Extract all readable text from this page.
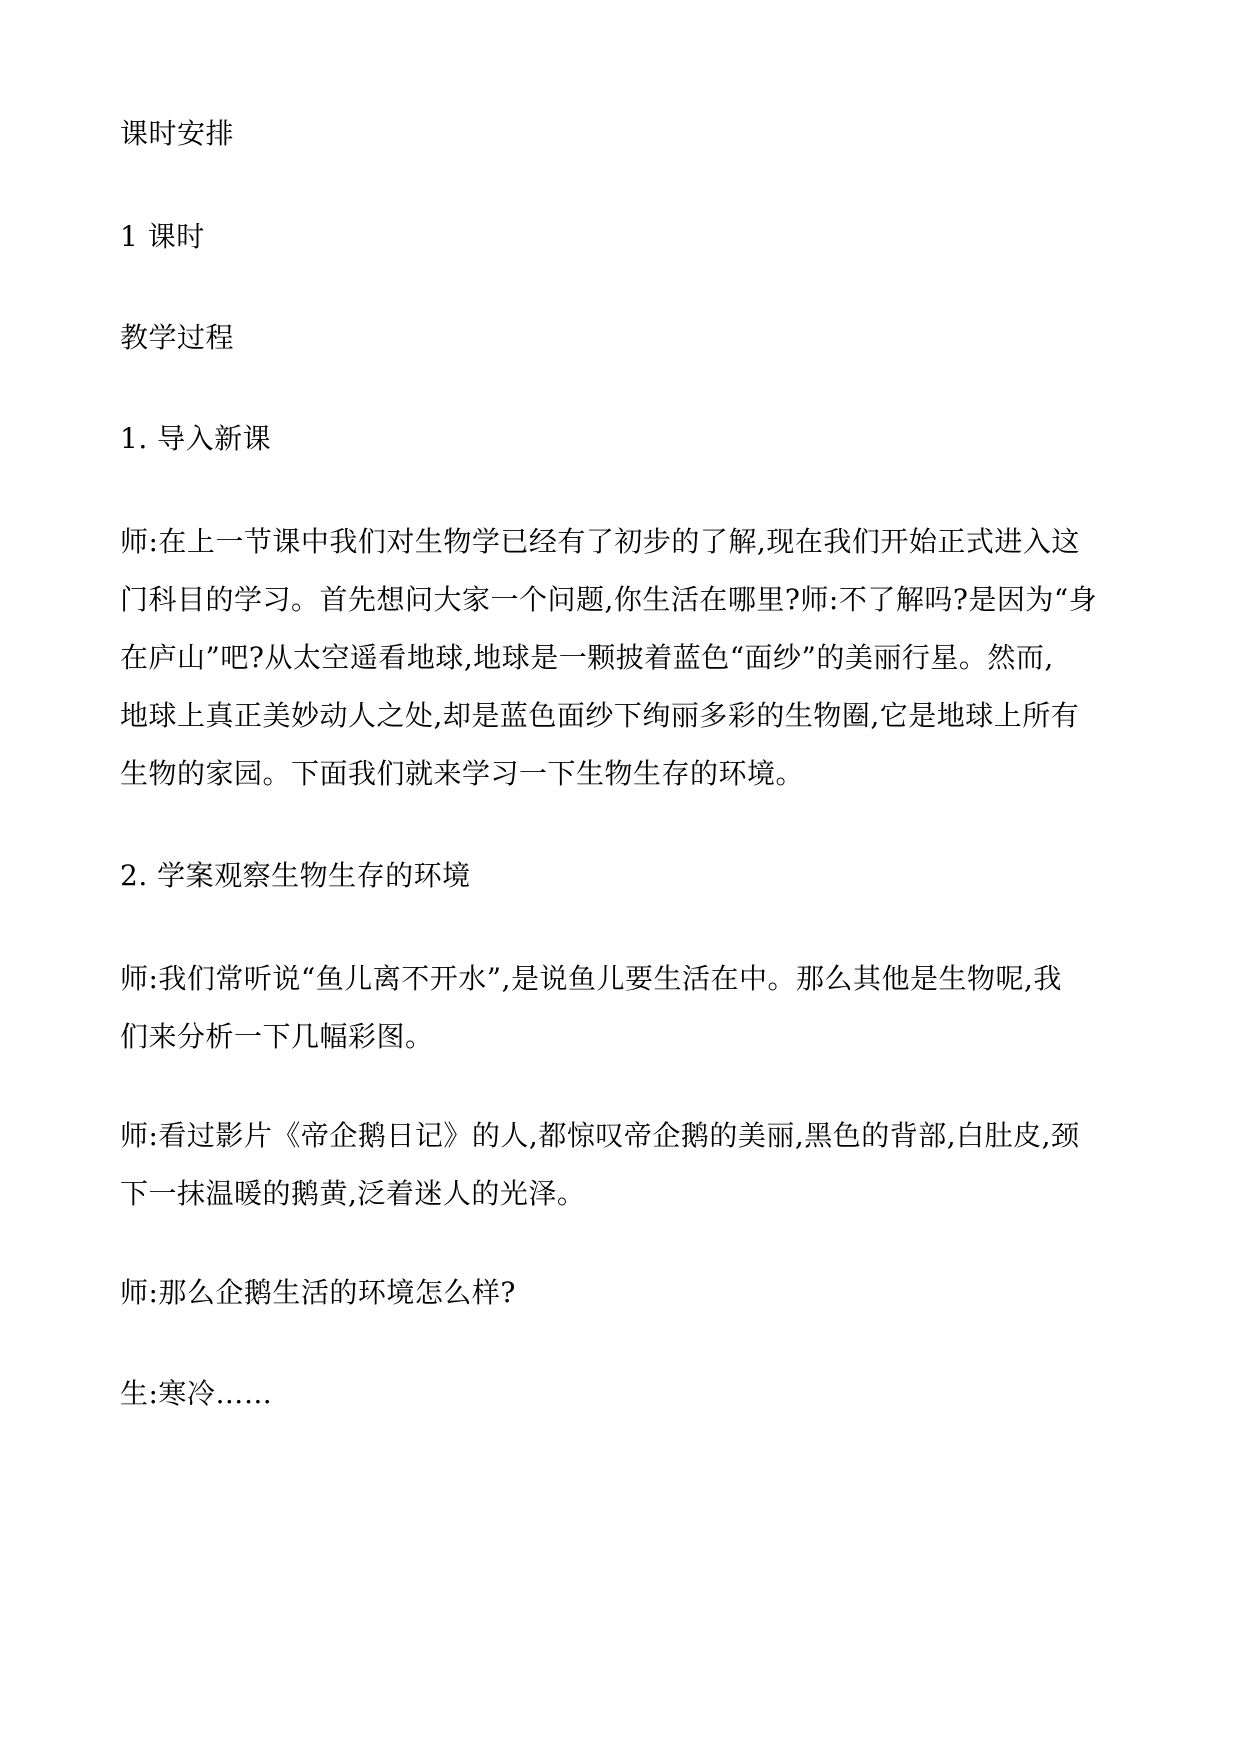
课时安排

1 课时

教学过程

1. 导入新课

师:在上一节课中我们对生物学已经有了初步的了解,现在我们开始正式进入这
门科目的学习。首先想问大家一个问题,你生活在哪里?师:不了解吗?是因为“身
在庐山”吧?从太空遥看地球,地球是一颗披着蓝色“面纱”的美丽行星。然而,
地球上真正美妙动人之处,却是蓝色面纱下绚丽多彩的生物圈,它是地球上所有
生物的家园。下面我们就来学习一下生物生存的环境。

2. 学案观察生物生存的环境

师:我们常听说“鱼儿离不开水”,是说鱼儿要生活在中。那么其他是生物呢,我
们来分析一下几幅彩图。

师:看过影片《帝企鹅日记》的人,都惊叹帝企鹅的美丽,黑色的背部,白肚皮,颈
下一抹温暖的鹅黄,泛着迷人的光泽。

师:那么企鹅生活的环境怎么样?

生:寒冷……
